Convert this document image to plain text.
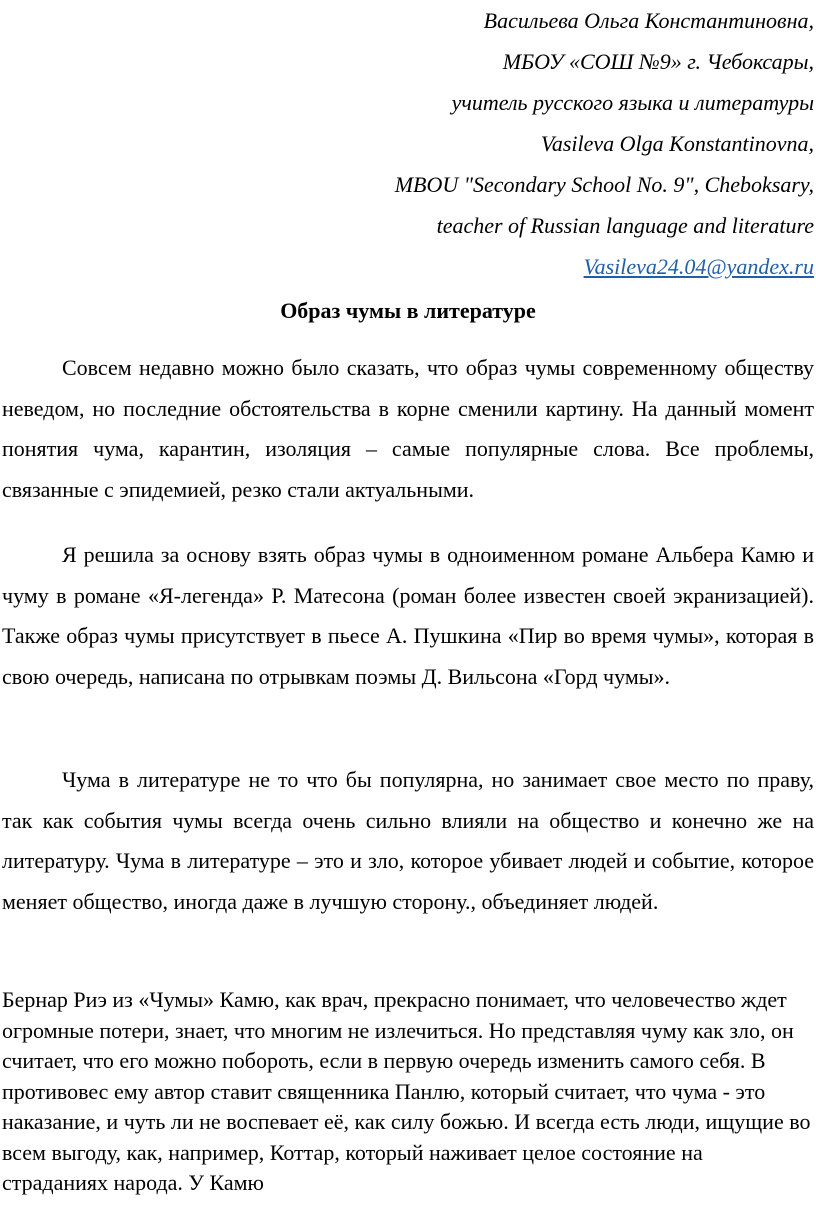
Васильева Ольга Константиновна,
МБОУ «СОШ №9» г. Чебоксары,
учитель русского языка и литературы
Vasileva Olga Konstantinovna,
MBOU "Secondary School No. 9", Cheboksary,
teacher of Russian language and literature
Vasileva24.04@yandex.ru
Образ чумы в литературе

Совсем недавно можно было сказать, что образ чумы современному обществу неведом, но последние обстоятельства в корне сменили картину. На данный момент понятия чума, карантин, изоляция – самые популярные слова. Все проблемы, связанные с эпидемией, резко стали актуальными.

Я решила за основу взять образ чумы в одноименном романе Альбера Камю и чуму в романе «Я-легенда» Р. Матесона (роман более известен своей экранизацией). Также образ чумы присутствует в пьесе А. Пушкина «Пир во время чумы», которая в свою очередь, написана по отрывкам поэмы Д. Вильсона «Горд чумы».

Чума в литературе не то что бы популярна, но занимает свое место по праву, так как события чумы всегда очень сильно влияли на общество и конечно же на литературу. Чума в литературе – это и зло, которое убивает людей и событие, которое меняет общество, иногда даже в лучшую сторону., объединяет людей.

Бернар Риэ из «Чумы» Камю, как врач, прекрасно понимает, что человечество ждет огромные потери, знает, что многим не излечиться. Но представляя чуму как зло, он считает, что его можно побороть, если в первую очередь изменить самого себя. В противовес ему автор ставит священника Панлю, который считает, что чума - это наказание, и чуть ли не воспевает её, как силу божью. И всегда есть люди, ищущие во всем выгоду, как, например, Коттар, который наживает целое состояние на страданиях народа. У Камю
